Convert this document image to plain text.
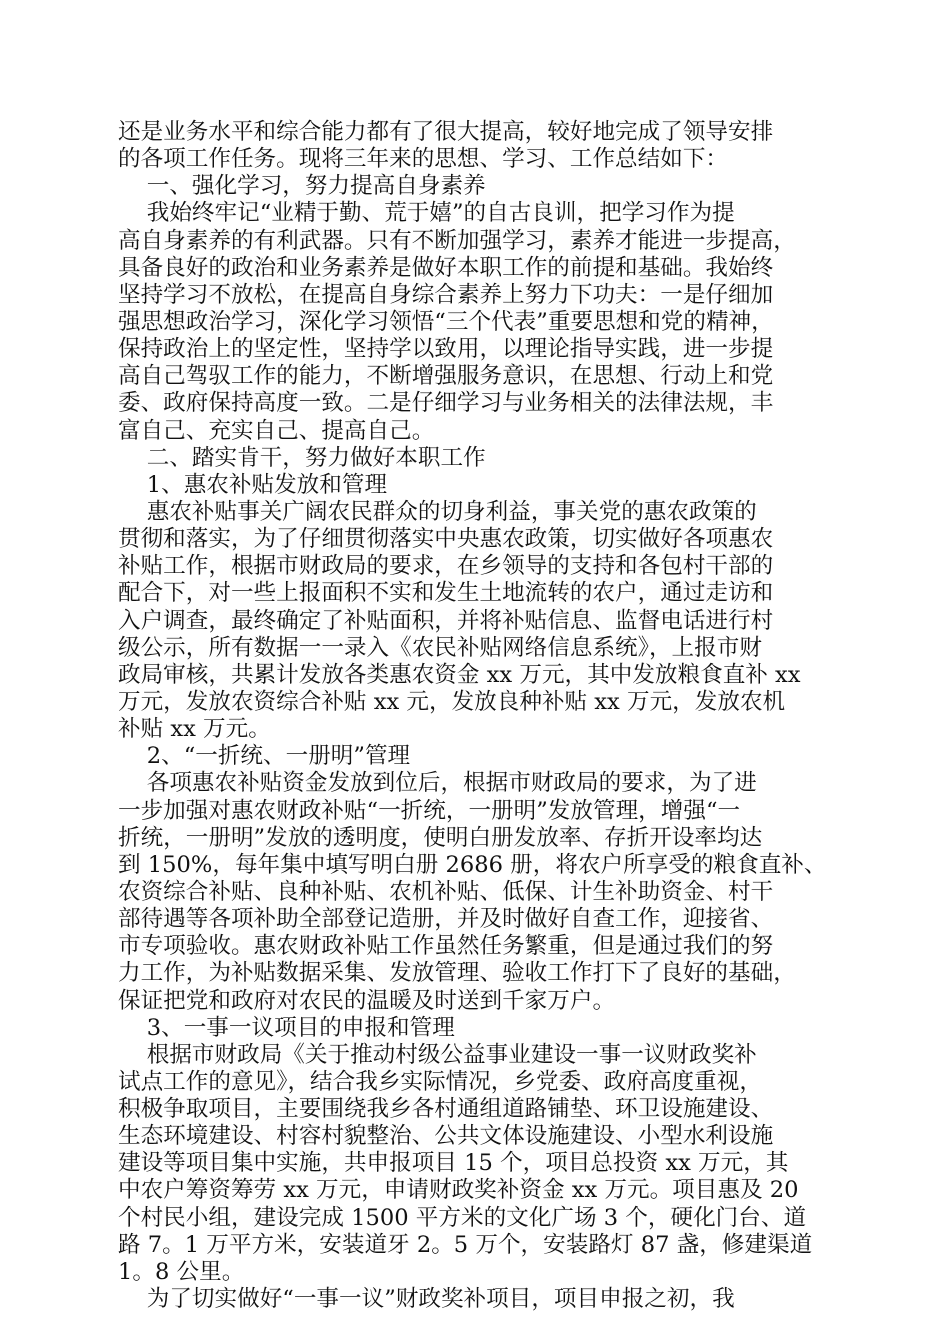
还是业务水平和综合能力都有了很大提高，较好地完成了领导安排
的各项工作任务。现将三年来的思想、学习、工作总结如下：
一、强化学习，努力提高自身素养
我始终牢记“业精于勤、荒于嬉”的自古良训，把学习作为提
高自身素养的有利武器。只有不断加强学习，素养才能进一步提高，
具备良好的政治和业务素养是做好本职工作的前提和基础。我始终
坚持学习不放松，在提高自身综合素养上努力下功夫：一是仔细加
强思想政治学习，深化学习领悟“三个代表”重要思想和党的精神，
保持政治上的坚定性，坚持学以致用，以理论指导实践，进一步提
高自己驾驭工作的能力，不断增强服务意识，在思想、行动上和党
委、政府保持高度一致。二是仔细学习与业务相关的法律法规，丰
富自己、充实自己、提高自己。
二、踏实肯干，努力做好本职工作
1、惠农补贴发放和管理
惠农补贴事关广阔农民群众的切身利益，事关党的惠农政策的
贯彻和落实，为了仔细贯彻落实中央惠农政策，切实做好各项惠农
补贴工作，根据市财政局的要求，在乡领导的支持和各包村干部的
配合下，对一些上报面积不实和发生土地流转的农户，通过走访和
入户调查，最终确定了补贴面积，并将补贴信息、监督电话进行村
级公示，所有数据一一录入《农民补贴网络信息系统》，上报市财
政局审核，共累计发放各类惠农资金 xx 万元，其中发放粮食直补 xx
万元，发放农资综合补贴 xx 元，发放良种补贴 xx 万元，发放农机
补贴 xx 万元。
2、“一折统、一册明”管理
各项惠农补贴资金发放到位后，根据市财政局的要求，为了进
一步加强对惠农财政补贴“一折统，一册明”发放管理，增强“一
折统，一册明”发放的透明度，使明白册发放率、存折开设率均达
到 150%，每年集中填写明白册 2686 册，将农户所享受的粮食直补、
农资综合补贴、良种补贴、农机补贴、低保、计生补助资金、村干
部待遇等各项补助全部登记造册，并及时做好自查工作，迎接省、
市专项验收。惠农财政补贴工作虽然任务繁重，但是通过我们的努
力工作，为补贴数据采集、发放管理、验收工作打下了良好的基础，
保证把党和政府对农民的温暖及时送到千家万户。
3、一事一议项目的申报和管理
根据市财政局《关于推动村级公益事业建设一事一议财政奖补
试点工作的意见》，结合我乡实际情况，乡党委、政府高度重视，
积极争取项目，主要围绕我乡各村通组道路铺垫、环卫设施建设、
生态环境建设、村容村貌整治、公共文体设施建设、小型水利设施
建设等项目集中实施，共申报项目 15 个，项目总投资 xx 万元，其
中农户筹资筹劳 xx 万元，申请财政奖补资金 xx 万元。项目惠及 20
个村民小组，建设完成 1500 平方米的文化广场 3 个，硬化门台、道
路 7。1 万平方米，安装道牙 2。5 万个，安装路灯 87 盏，修建渠道
1。8 公里。
为了切实做好“一事一议”财政奖补项目，项目申报之初，我
